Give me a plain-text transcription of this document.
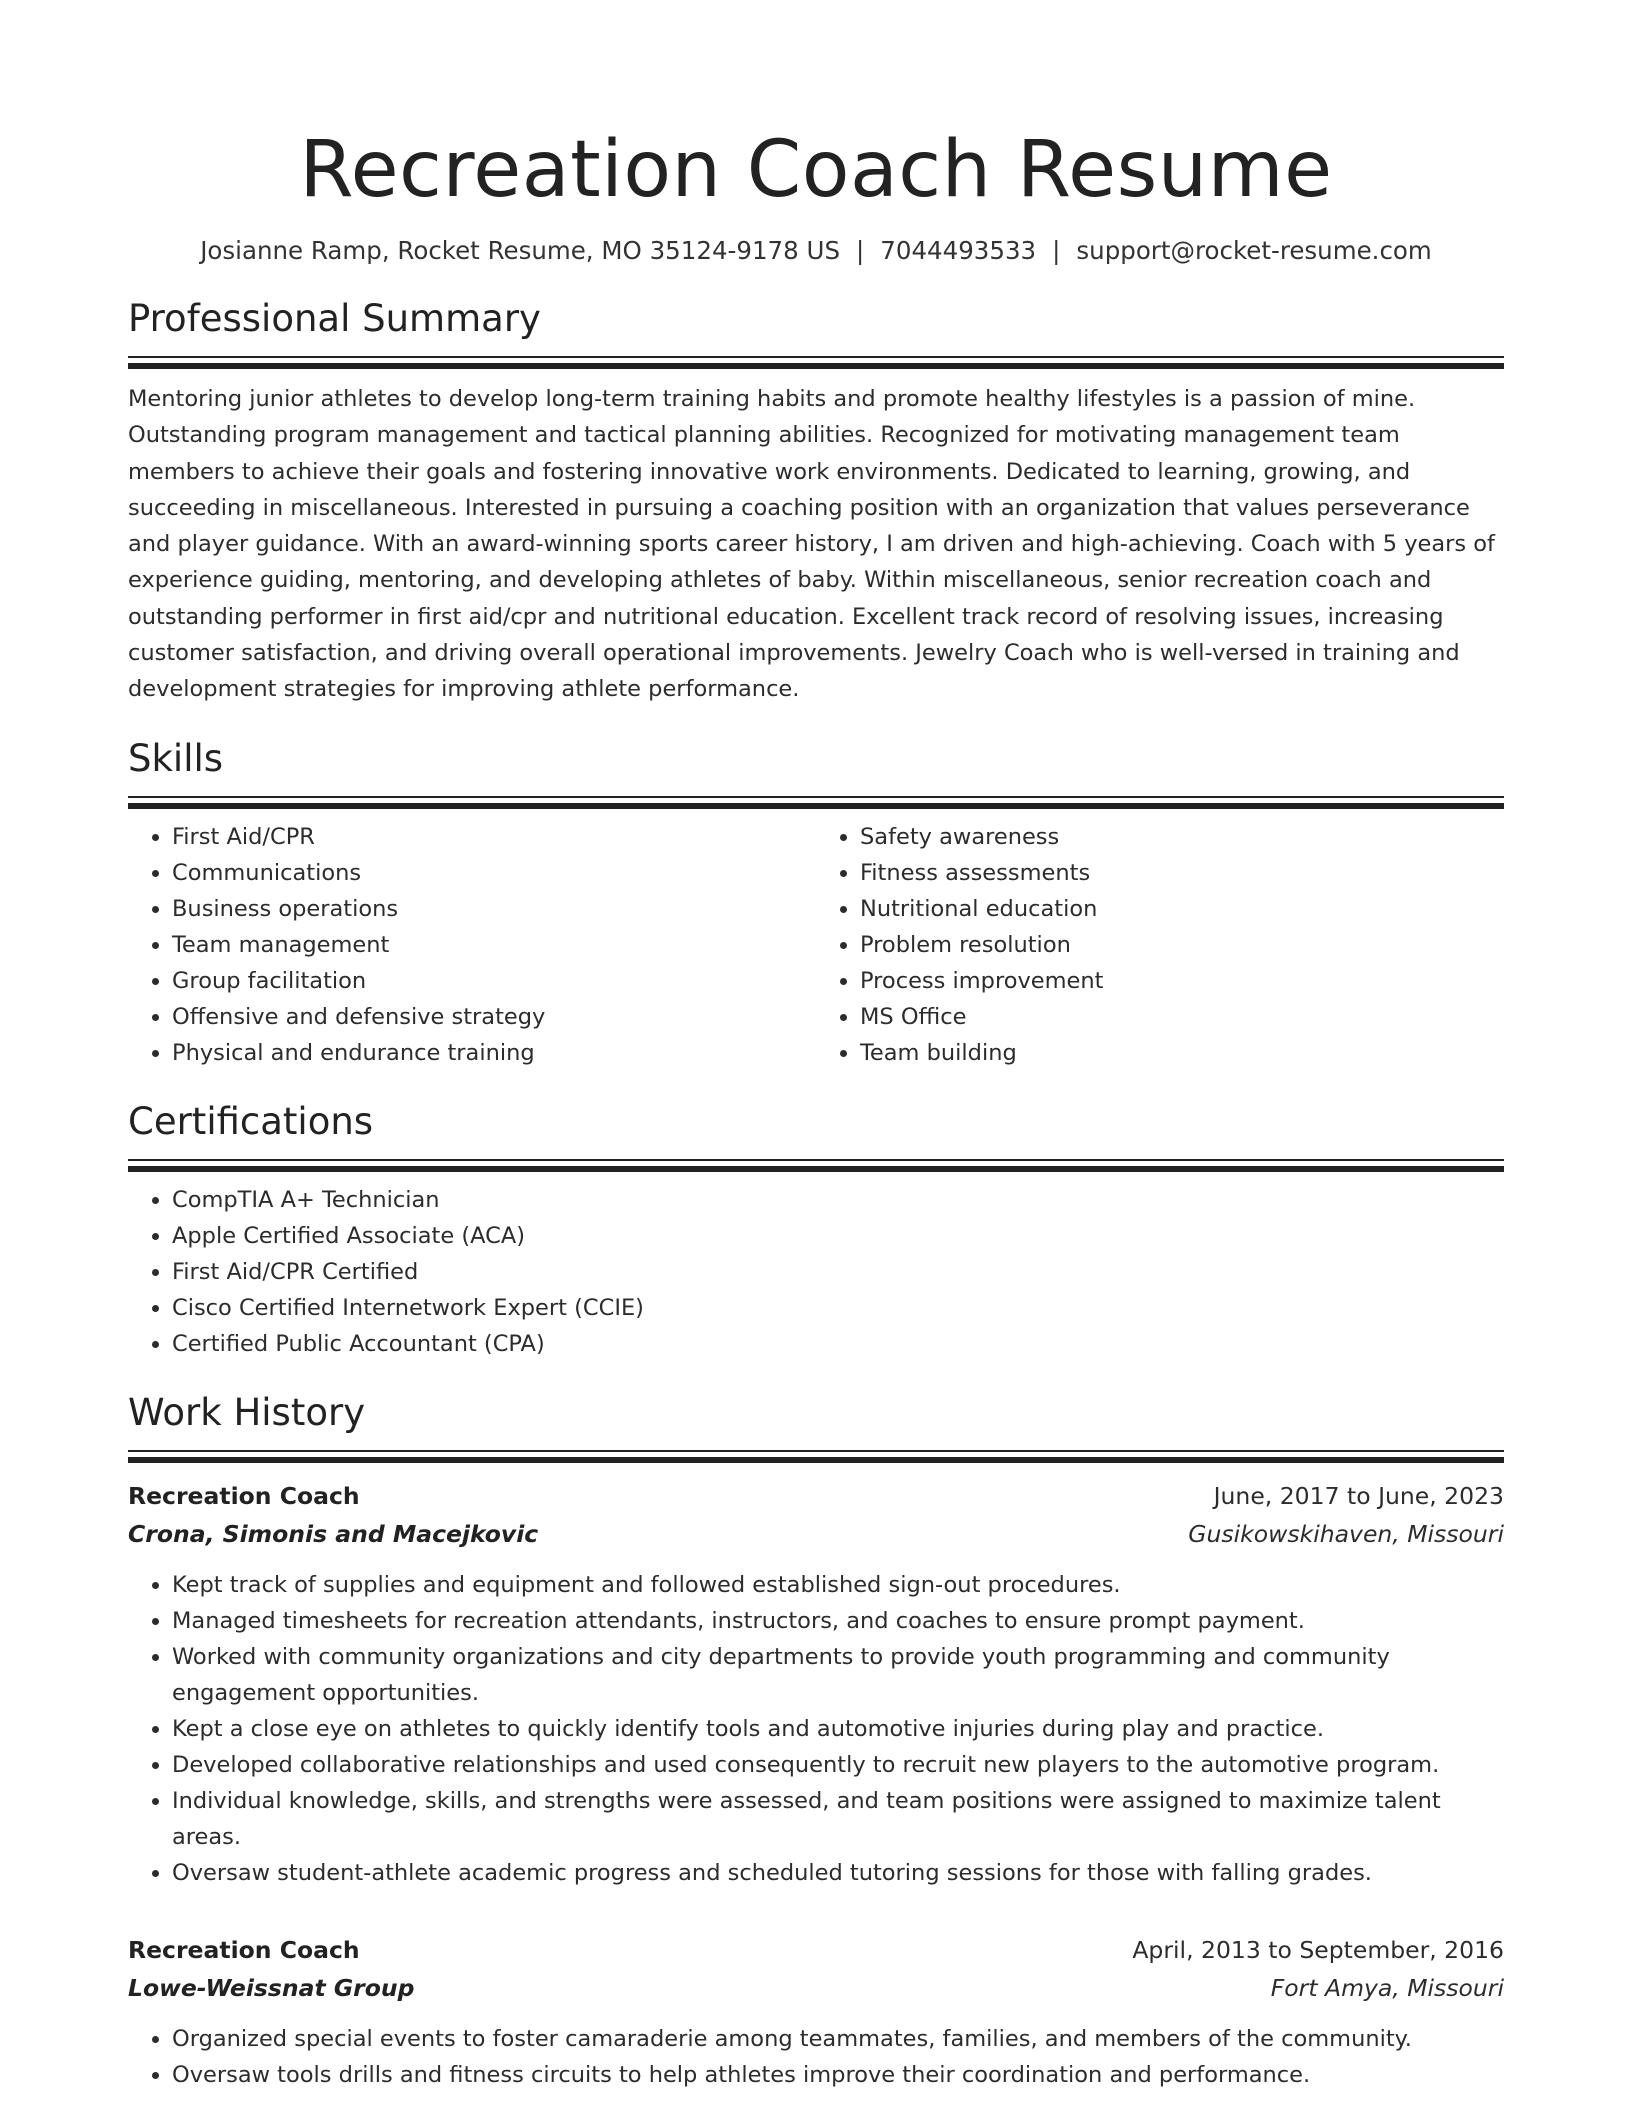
Recreation Coach Resume
Josianne Ramp, Rocket Resume, MO 35124-9178 US | 7044493533 | support@rocket-resume.com
Professional Summary

Mentoring junior athletes to develop long-term training habits and promote healthy lifestyles is a passion of mine. Outstanding program management and tactical planning abilities. Recognized for motivating management team members to achieve their goals and fostering innovative work environments. Dedicated to learning, growing, and succeeding in miscellaneous. Interested in pursuing a coaching position with an organization that values perseverance and player guidance. With an award-winning sports career history, I am driven and high-achieving. Coach with 5 years of experience guiding, mentoring, and developing athletes of baby. Within miscellaneous, senior recreation coach and outstanding performer in first aid/cpr and nutritional education. Excellent track record of resolving issues, increasing customer satisfaction, and driving overall operational improvements. Jewelry Coach who is well-versed in training and development strategies for improving athlete performance.

Skills
• First Aid/CPR
• Communications
• Business operations
• Team management
• Group facilitation
• Offensive and defensive strategy
• Physical and endurance training
• Safety awareness
• Fitness assessments
• Nutritional education
• Problem resolution
• Process improvement
• MS Office
• Team building
Certifications
• CompTIA A+ Technician
• Apple Certified Associate (ACA)
• First Aid/CPR Certified
• Cisco Certified Internetwork Expert (CCIE)
• Certified Public Accountant (CPA)
Work History
Recreation Coach	June, 2017 to June, 2023
Crona, Simonis and Macejkovic	Gusikowskihaven, Missouri
• Kept track of supplies and equipment and followed established sign-out procedures.
• Managed timesheets for recreation attendants, instructors, and coaches to ensure prompt payment.
• Worked with community organizations and city departments to provide youth programming and community engagement opportunities.
• Kept a close eye on athletes to quickly identify tools and automotive injuries during play and practice.
• Developed collaborative relationships and used consequently to recruit new players to the automotive program.
• Individual knowledge, skills, and strengths were assessed, and team positions were assigned to maximize talent areas.
• Oversaw student-athlete academic progress and scheduled tutoring sessions for those with falling grades.
Recreation Coach	April, 2013 to September, 2016
Lowe-Weissnat Group	Fort Amya, Missouri
• Organized special events to foster camaraderie among teammates, families, and members of the community.
• Oversaw tools drills and fitness circuits to help athletes improve their coordination and performance.
